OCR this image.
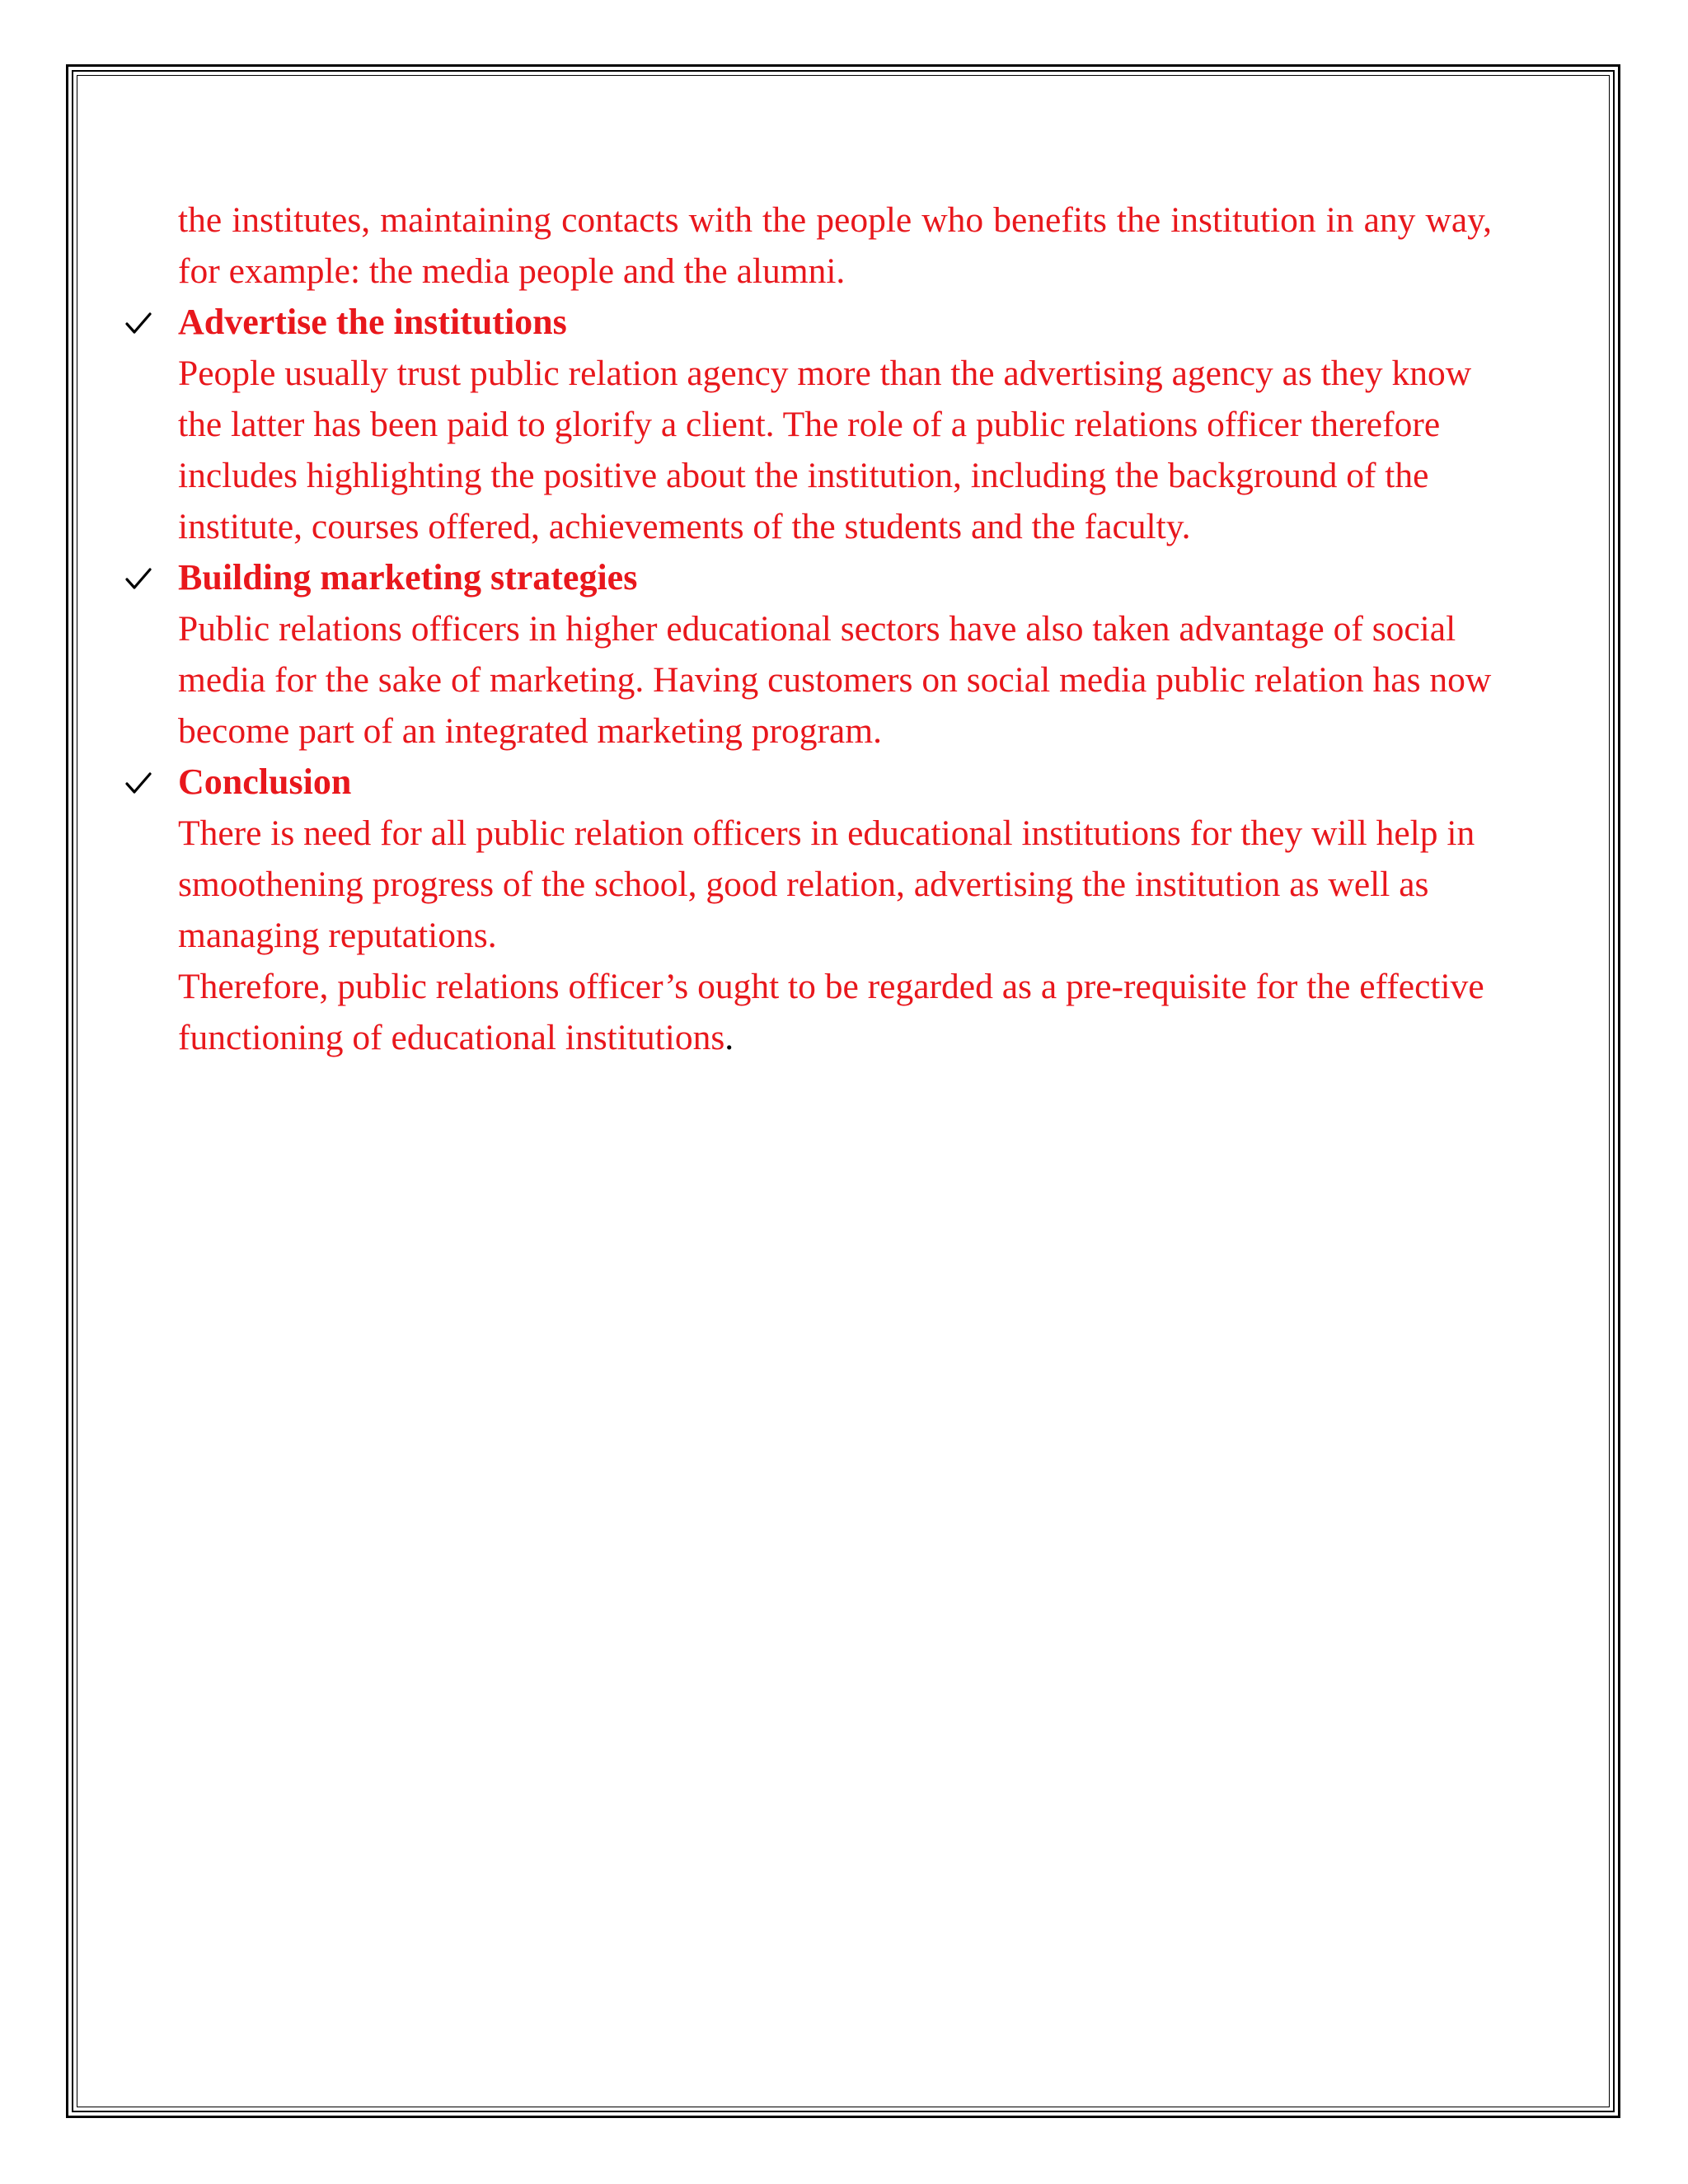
the institutes, maintaining contacts with the people who benefits the institution in any way, for example: the media people and the alumni.

Advertise the institutions

People usually trust public relation agency more than the advertising agency as they know the latter has been paid to glorify a client. The role of a public relations officer therefore includes highlighting the positive about the institution, including the background of the institute, courses offered, achievements of the students and the faculty.

Building marketing strategies

Public relations officers in higher educational sectors have also taken advantage of social media for the sake of marketing. Having customers on social media public relation has now become part of an integrated marketing program.

Conclusion

There is need for all public relation officers in educational institutions for they will help in smoothening progress of the school, good relation, advertising the institution as well as managing reputations.

Therefore, public relations officer’s ought to be regarded as a pre-requisite for the effective functioning of educational institutions.
